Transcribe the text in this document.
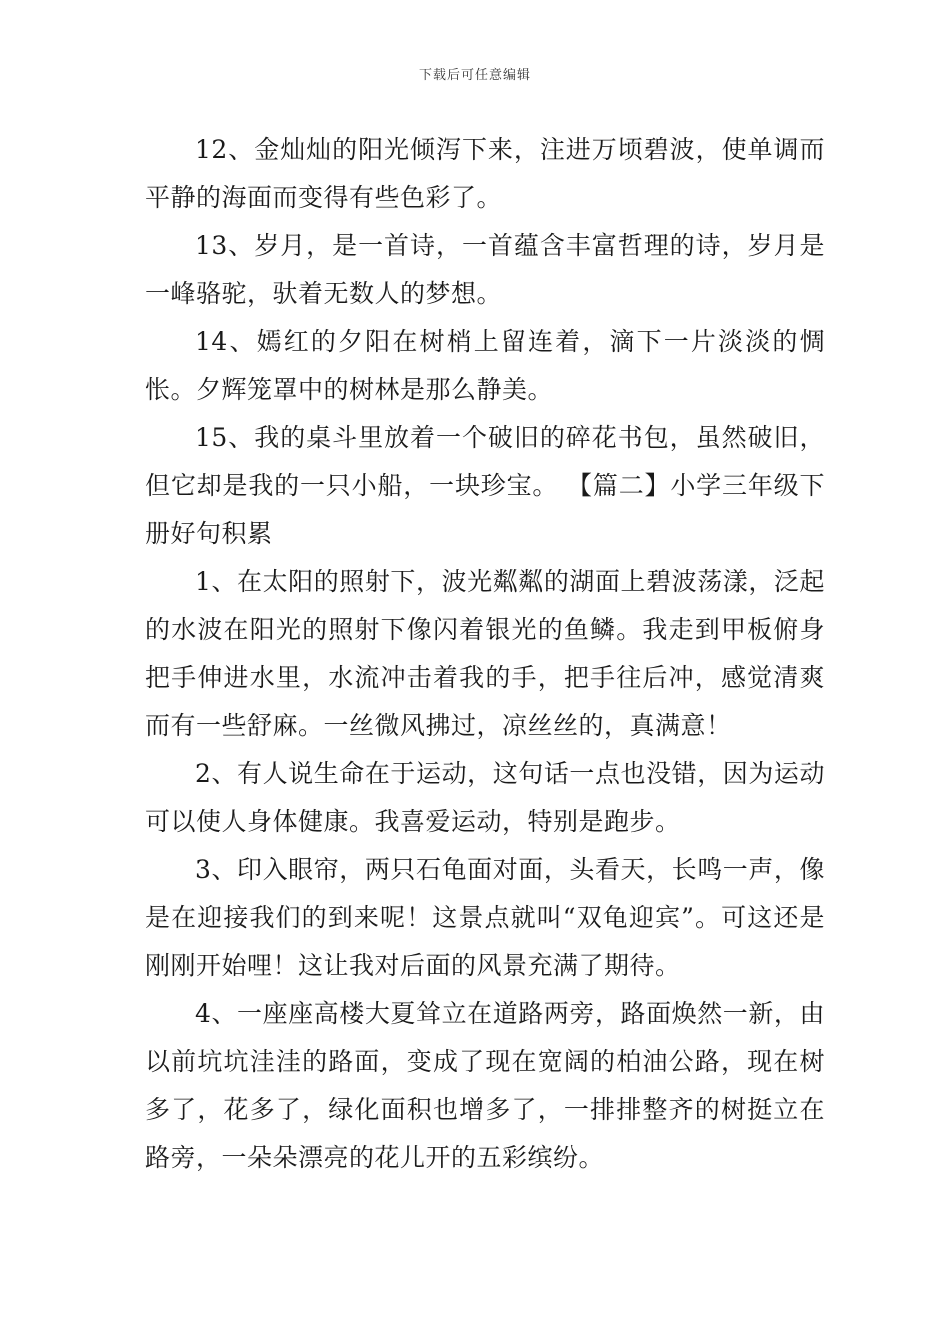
下载后可任意编辑

12、金灿灿的阳光倾泻下来，注进万顷碧波，使单调而平静的海面而变得有些色彩了。

13、岁月，是一首诗，一首蕴含丰富哲理的诗，岁月是一峰骆驼，驮着无数人的梦想。

14、嫣红的夕阳在树梢上留连着，滴下一片淡淡的惆怅。夕辉笼罩中的树林是那么静美。

15、我的桌斗里放着一个破旧的碎花书包，虽然破旧，但它却是我的一只小船，一块珍宝。 【篇二】小学三年级下册好句积累

1、在太阳的照射下，波光粼粼的湖面上碧波荡漾，泛起的水波在阳光的照射下像闪着银光的鱼鳞。我走到甲板俯身把手伸进水里，水流冲击着我的手，把手往后冲，感觉清爽而有一些舒麻。一丝微风拂过，凉丝丝的，真满意！

2、有人说生命在于运动，这句话一点也没错，因为运动可以使人身体健康。我喜爱运动，特别是跑步。

3、印入眼帘，两只石龟面对面，头看天，长鸣一声，像是在迎接我们的到来呢！这景点就叫“双龟迎宾”。可这还是刚刚开始哩！这让我对后面的风景充满了期待。

4、一座座高楼大夏耸立在道路两旁，路面焕然一新，由以前坑坑洼洼的路面，变成了现在宽阔的柏油公路，现在树多了，花多了，绿化面积也增多了，一排排整齐的树挺立在路旁，一朵朵漂亮的花儿开的五彩缤纷。
